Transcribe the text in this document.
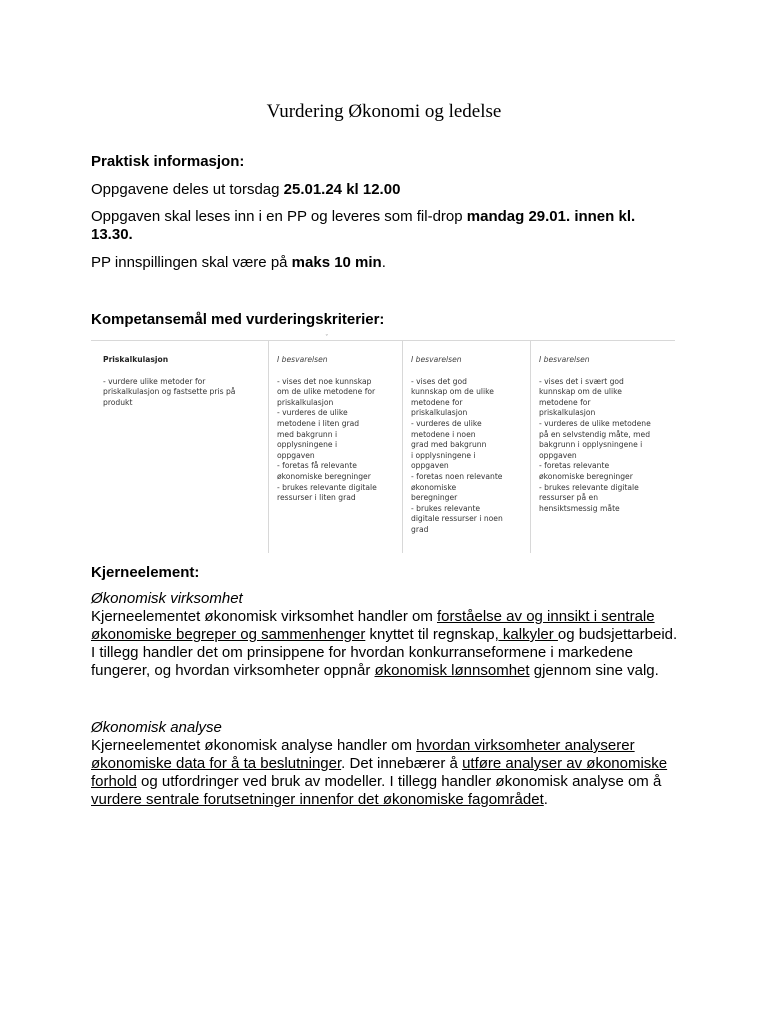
Vurdering Økonomi og ledelse
Praktisk informasjon:
Oppgavene deles ut torsdag 25.01.24 kl 12.00
Oppgaven skal leses inn i en PP og leveres som fil-drop mandag 29.01. innen kl. 13.30.
PP innspillingen skal være på maks 10 min.
Kompetansemål med vurderingskriterier:
ˇ
Priskalkulasjon
- vurdere ulike metoder for
priskalkulasjon og fastsette pris på
produkt
I besvarelsen
- vises det noe kunnskap
om de ulike metodene for
priskalkulasjon
- vurderes de ulike
metodene i liten grad
med bakgrunn i
opplysningene i
oppgaven
- foretas få relevante
økonomiske beregninger
- brukes relevante digitale
ressurser i liten grad
I besvarelsen
- vises det god
kunnskap om de ulike
metodene for
priskalkulasjon
- vurderes de ulike
metodene i noen
grad med bakgrunn
i opplysningene i
oppgaven
- foretas noen relevante
økonomiske
beregninger
- brukes relevante
digitale ressurser i noen
grad
I besvarelsen
- vises det i svært god
kunnskap om de ulike
metodene for
priskalkulasjon
- vurderes de ulike metodene
på en selvstendig måte, med
bakgrunn i opplysningene i
oppgaven
- foretas relevante
økonomiske beregninger
- brukes relevante digitale
ressurser på en
hensiktsmessig måte
Kjerneelement:
Økonomisk virksomhet
Kjerneelementet økonomisk virksomhet handler om forståelse av og innsikt i sentrale økonomiske begreper og sammenhenger knyttet til regnskap, kalkyler og budsjettarbeid. I tillegg handler det om prinsippene for hvordan konkurranseformene i markedene fungerer, og hvordan virksomheter oppnår økonomisk lønnsomhet gjennom sine valg.
Økonomisk analyse
Kjerneelementet økonomisk analyse handler om hvordan virksomheter analyserer økonomiske data for å ta beslutninger. Det innebærer å utføre analyser av økonomiske forhold og utfordringer ved bruk av modeller. I tillegg handler økonomisk analyse om å vurdere sentrale forutsetninger innenfor det økonomiske fagområdet.
